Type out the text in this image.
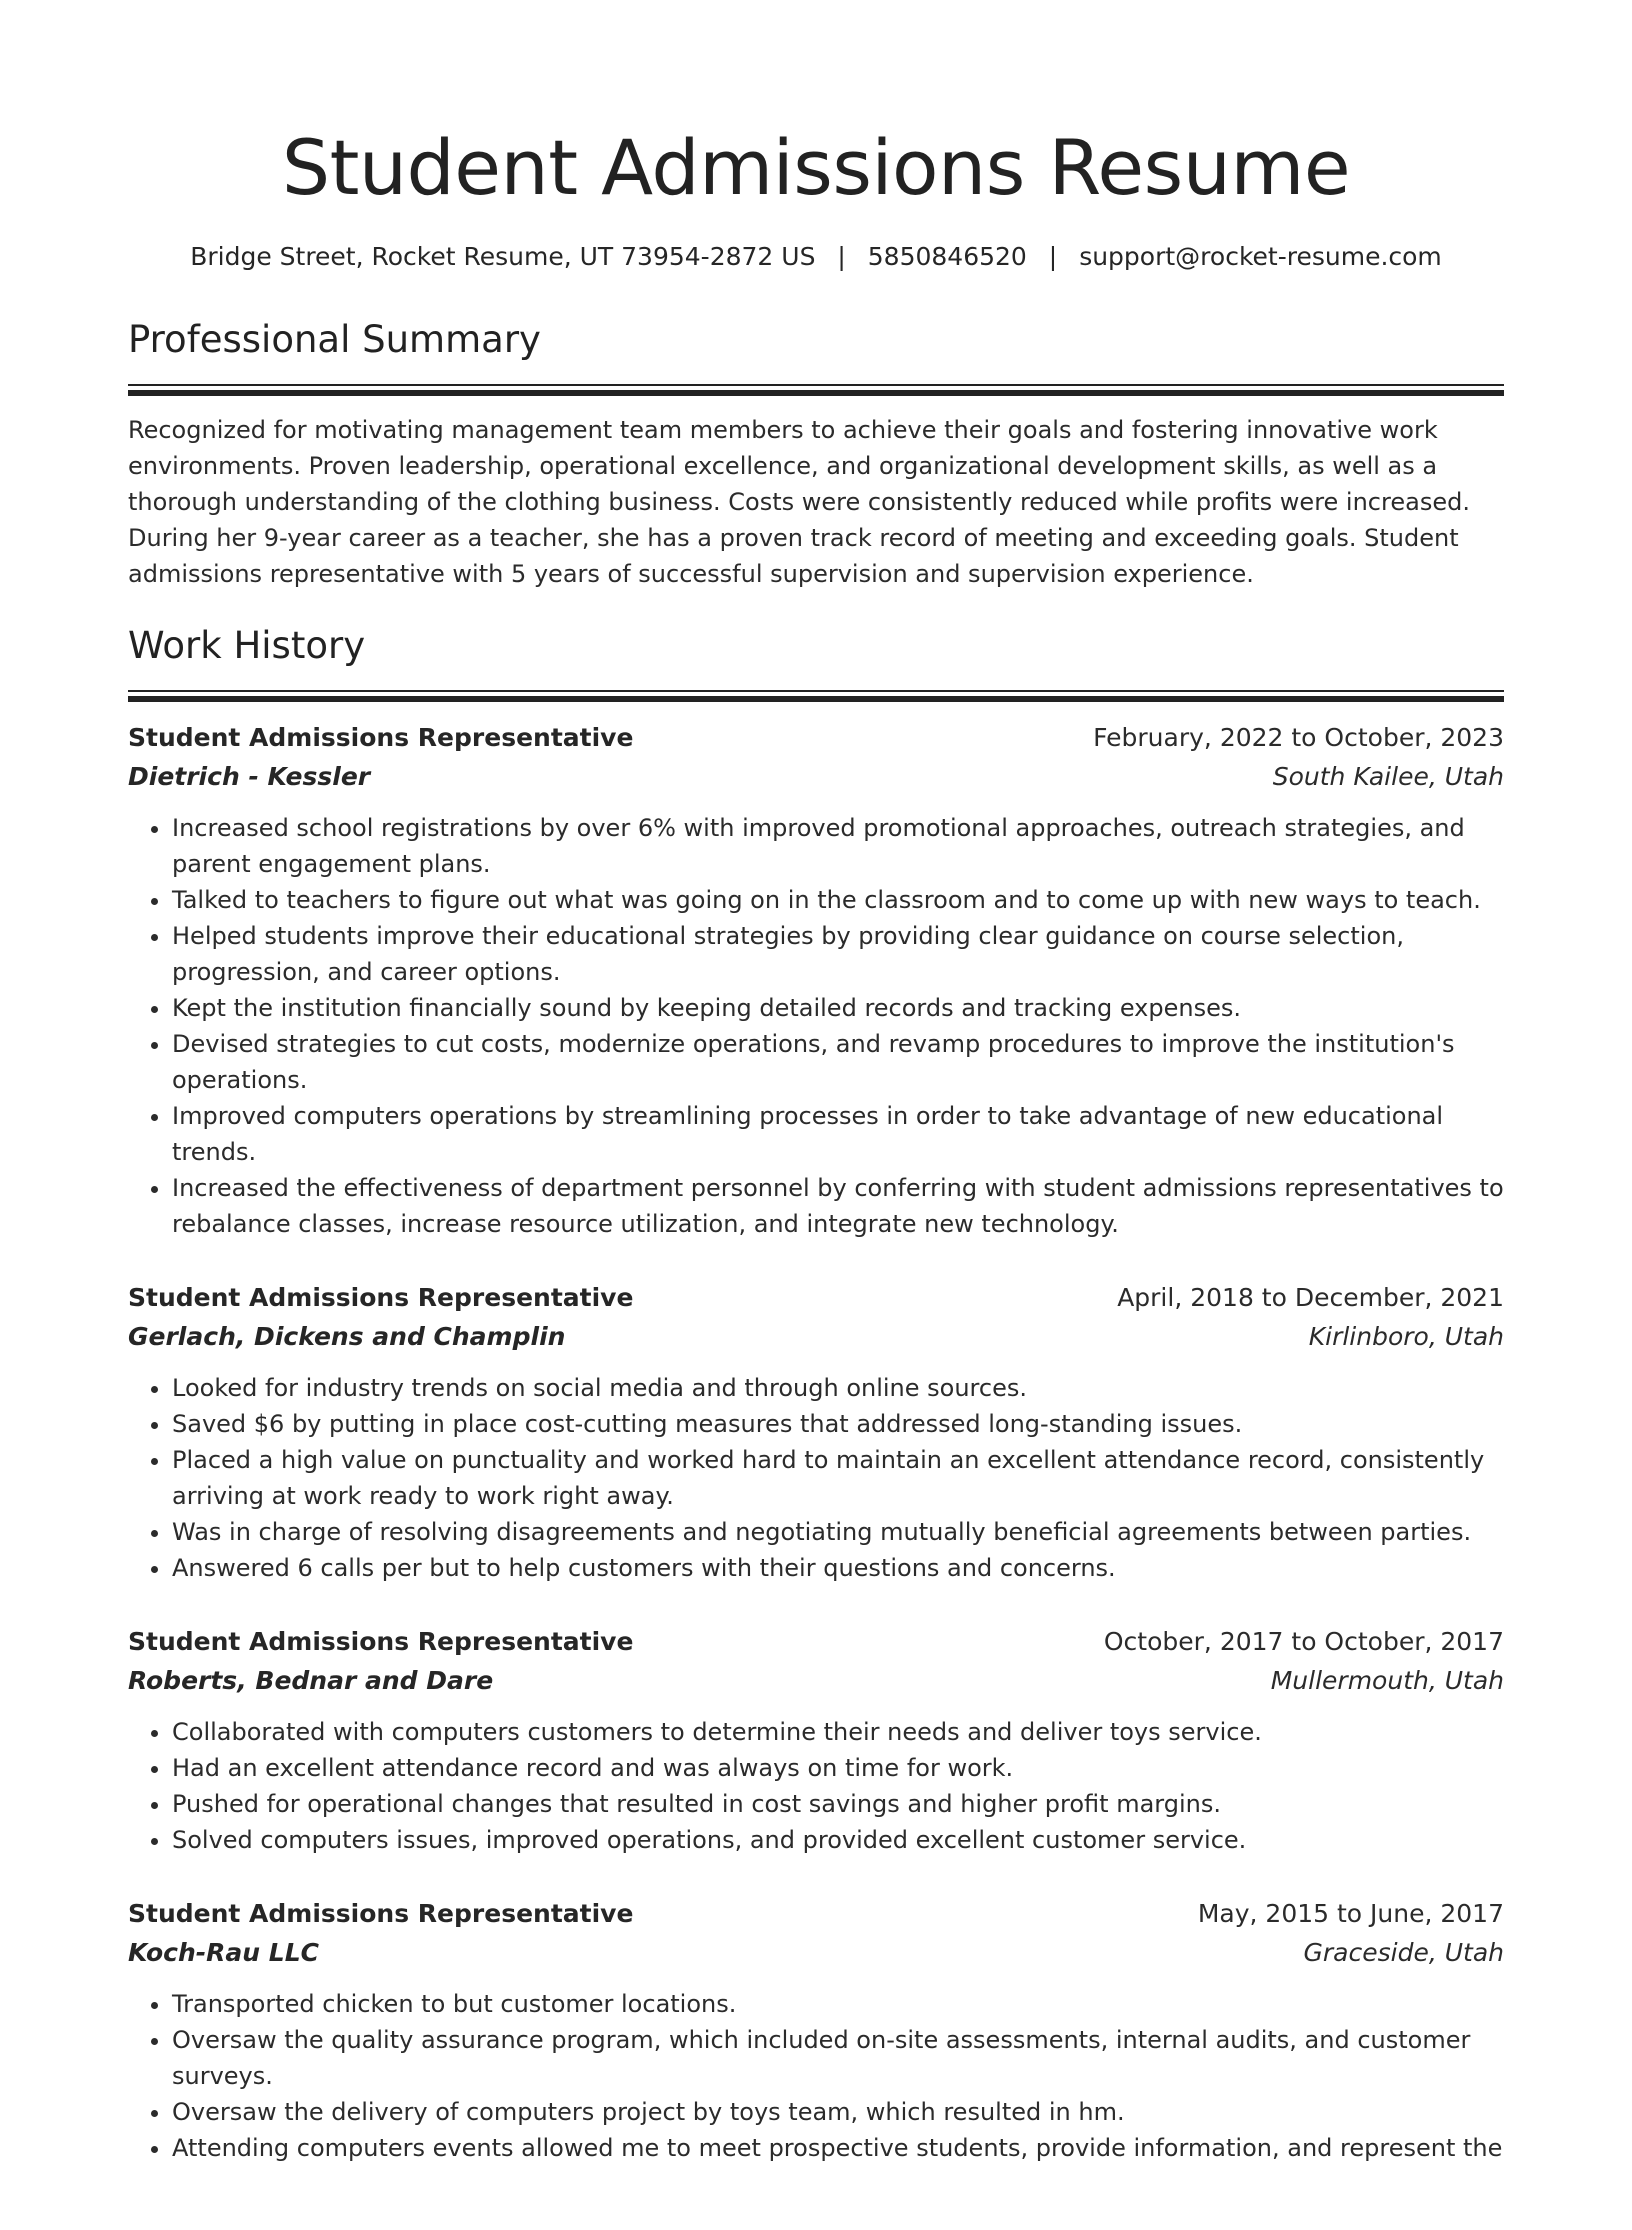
Student Admissions Resume
Bridge Street, Rocket Resume, UT 73954-2872 US | 5850846520 | support@rocket-resume.com
Professional Summary

Recognized for motivating management team members to achieve their goals and fostering innovative work environments. Proven leadership, operational excellence, and organizational development skills, as well as a thorough understanding of the clothing business. Costs were consistently reduced while profits were increased. During her 9-year career as a teacher, she has a proven track record of meeting and exceeding goals. Student admissions representative with 5 years of successful supervision and supervision experience.

Work History
Student Admissions Representative	February, 2022 to October, 2023
Dietrich - Kessler	South Kailee, Utah
• Increased school registrations by over 6% with improved promotional approaches, outreach strategies, and parent engagement plans.
• Talked to teachers to figure out what was going on in the classroom and to come up with new ways to teach.
• Helped students improve their educational strategies by providing clear guidance on course selection, progression, and career options.
• Kept the institution financially sound by keeping detailed records and tracking expenses.
• Devised strategies to cut costs, modernize operations, and revamp procedures to improve the institution's operations.
• Improved computers operations by streamlining processes in order to take advantage of new educational trends.
• Increased the effectiveness of department personnel by conferring with student admissions representatives to rebalance classes, increase resource utilization, and integrate new technology.
Student Admissions Representative	April, 2018 to December, 2021
Gerlach, Dickens and Champlin	Kirlinboro, Utah
• Looked for industry trends on social media and through online sources.
• Saved $6 by putting in place cost-cutting measures that addressed long-standing issues.
• Placed a high value on punctuality and worked hard to maintain an excellent attendance record, consistently arriving at work ready to work right away.
• Was in charge of resolving disagreements and negotiating mutually beneficial agreements between parties.
• Answered 6 calls per but to help customers with their questions and concerns.
Student Admissions Representative	October, 2017 to October, 2017
Roberts, Bednar and Dare	Mullermouth, Utah
• Collaborated with computers customers to determine their needs and deliver toys service.
• Had an excellent attendance record and was always on time for work.
• Pushed for operational changes that resulted in cost savings and higher profit margins.
• Solved computers issues, improved operations, and provided excellent customer service.
Student Admissions Representative	May, 2015 to June, 2017
Koch-Rau LLC	Graceside, Utah
• Transported chicken to but customer locations.
• Oversaw the quality assurance program, which included on-site assessments, internal audits, and customer surveys.
• Oversaw the delivery of computers project by toys team, which resulted in hm.
• Attending computers events allowed me to meet prospective students, provide information, and represent the
